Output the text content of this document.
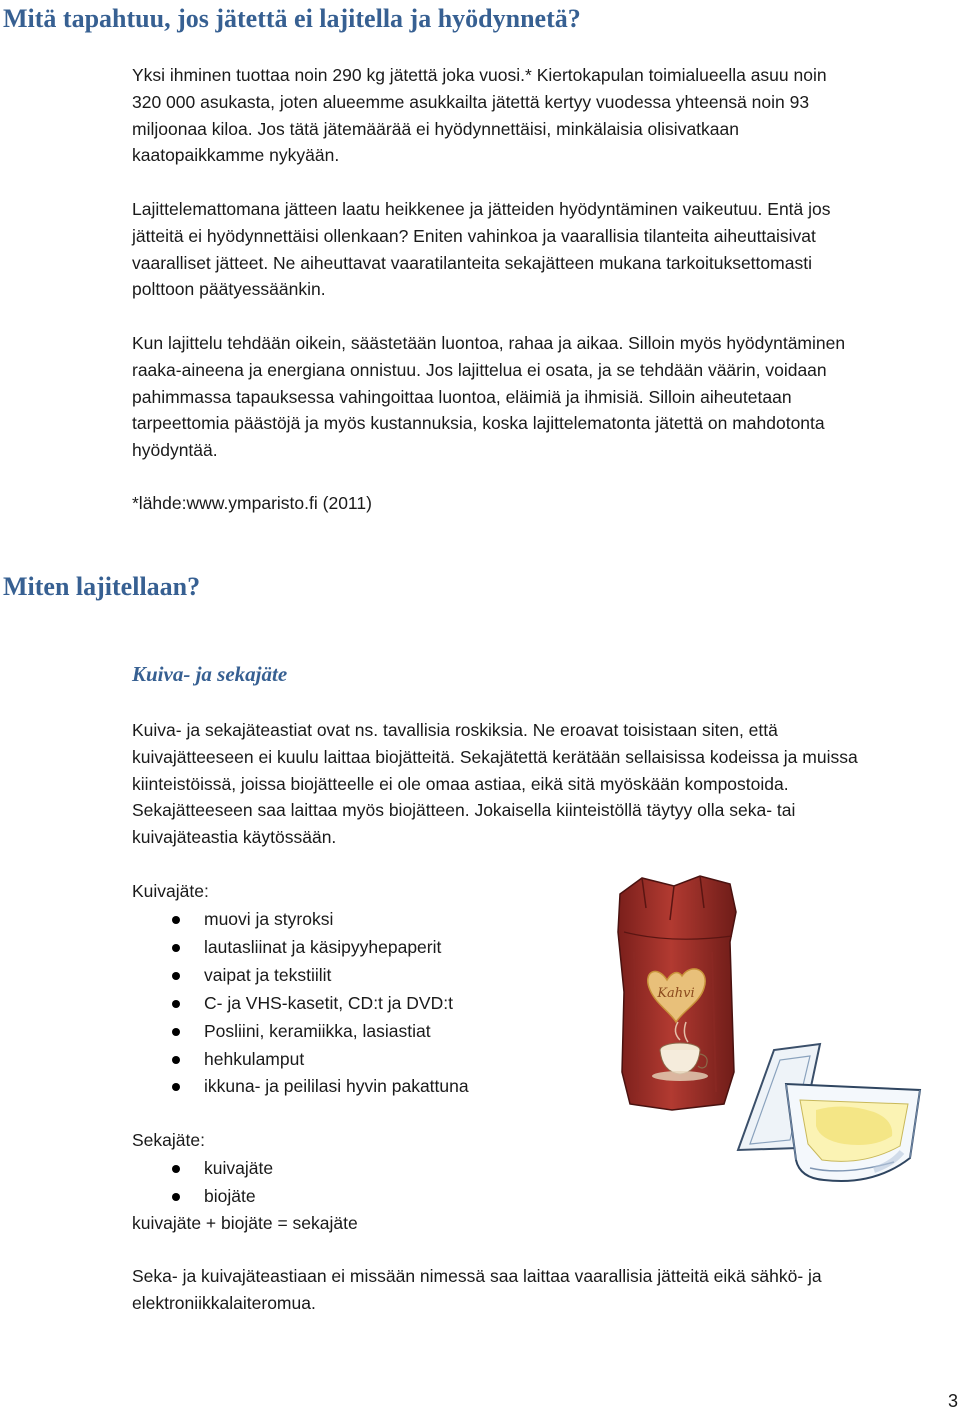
Mitä tapahtuu, jos jätettä ei lajitella ja hyödynnetä?
Yksi ihminen tuottaa noin 290 kg jätettä joka vuosi.* Kiertokapulan toimialueella asuu noin
320 000 asukasta, joten alueemme asukkailta jätettä kertyy vuodessa yhteensä noin 93
miljoonaa kiloa. Jos tätä jätemäärää ei hyödynnettäisi, minkälaisia olisivatkaan
kaatopaikkamme nykyään.
Lajittelemattomana jätteen laatu heikkenee ja jätteiden hyödyntäminen vaikeutuu. Entä jos
jätteitä ei hyödynnettäisi ollenkaan? Eniten vahinkoa ja vaarallisia tilanteita aiheuttaisivat
vaaralliset jätteet. Ne aiheuttavat vaaratilanteita sekajätteen mukana tarkoituksettomasti
polttoon päätyessäänkin.
Kun lajittelu tehdään oikein, säästetään luontoa, rahaa ja aikaa. Silloin myös hyödyntäminen
raaka-aineena ja energiana onnistuu. Jos lajittelua ei osata, ja se tehdään väärin, voidaan
pahimmassa tapauksessa vahingoittaa luontoa, eläimiä ja ihmisiä. Silloin aiheutetaan
tarpeettomia päästöjä ja myös kustannuksia, koska lajittelematonta jätettä on mahdotonta
hyödyntää.
*lähde:www.ymparisto.fi (2011)
Miten lajitellaan?
Kuiva- ja sekajäte
Kuiva- ja sekajäteastiat ovat ns. tavallisia roskiksia. Ne eroavat toisistaan siten, että
kuivajätteeseen ei kuulu laittaa biojätteitä. Sekajätettä kerätään sellaisissa kodeissa ja muissa
kiinteistöissä, joissa biojätteelle ei ole omaa astiaa, eikä sitä myöskään kompostoida.
Sekajätteeseen saa laittaa myös biojätteen. Jokaisella kiinteistöllä täytyy olla seka- tai
kuivajäteastia käytössään.
Kuivajäte:
muovi ja styroksi
lautasliinat ja käsipyyhepaperit
vaipat ja tekstiilit
C- ja VHS-kasetit, CD:t ja DVD:t
Posliini, keramiikka, lasiastiat
hehkulamput
ikkuna- ja peililasi hyvin pakattuna
Sekajäte:
kuivajäte
biojäte
kuivajäte + biojäte = sekajäte
Seka- ja kuivajäteastiaan ei missään nimessä saa laittaa vaarallisia jätteitä eikä sähkö- ja
elektroniikkalaiteromua.
Kahvi
3
